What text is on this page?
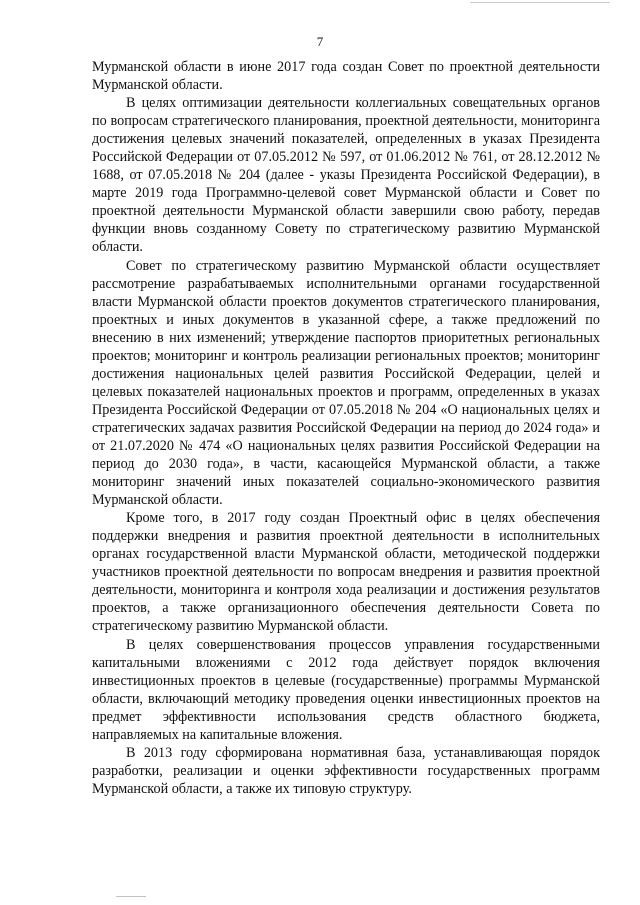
7

Мурманской области в июне 2017 года создан Совет по проектной деятельности Мурманской области.

В целях оптимизации деятельности коллегиальных совещательных органов по вопросам стратегического планирования, проектной деятельности, мониторинга достижения целевых значений показателей, определенных в указах Президента Российской Федерации от 07.05.2012 № 597, от 01.06.2012 № 761, от 28.12.2012 № 1688, от 07.05.2018 № 204 (далее - указы Президента Российской Федерации), в марте 2019 года Программно-целевой совет Мурманской области и Совет по проектной деятельности Мурманской области завершили свою работу, передав функции вновь созданному Совету по стратегическому развитию Мурманской области.

Совет по стратегическому развитию Мурманской области осуществляет рассмотрение разрабатываемых исполнительными органами государственной власти Мурманской области проектов документов стратегического планирования, проектных и иных документов в указанной сфере, а также предложений по внесению в них изменений; утверждение паспортов приоритетных региональных проектов; мониторинг и контроль реализации региональных проектов; мониторинг достижения национальных целей развития Российской Федерации, целей и целевых показателей национальных проектов и программ, определенных в указах Президента Российской Федерации от 07.05.2018 № 204 «О национальных целях и стратегических задачах развития Российской Федерации на период до 2024 года» и от 21.07.2020 № 474 «О национальных целях развития Российской Федерации на период до 2030 года», в части, касающейся Мурманской области, а также мониторинг значений иных показателей социально-экономического развития Мурманской области.

Кроме того, в 2017 году создан Проектный офис в целях обеспечения поддержки внедрения и развития проектной деятельности в исполнительных органах государственной власти Мурманской области, методической поддержки участников проектной деятельности по вопросам внедрения и развития проектной деятельности, мониторинга и контроля хода реализации и достижения результатов проектов, а также организационного обеспечения деятельности Совета по стратегическому развитию Мурманской области.

В целях совершенствования процессов управления государственными капитальными вложениями с 2012 года действует порядок включения инвестиционных проектов в целевые (государственные) программы Мурманской области, включающий методику проведения оценки инвестиционных проектов на предмет эффективности использования средств областного бюджета, направляемых на капитальные вложения.

В 2013 году сформирована нормативная база, устанавливающая порядок разработки, реализации и оценки эффективности государственных программ Мурманской области, а также их типовую структуру.
